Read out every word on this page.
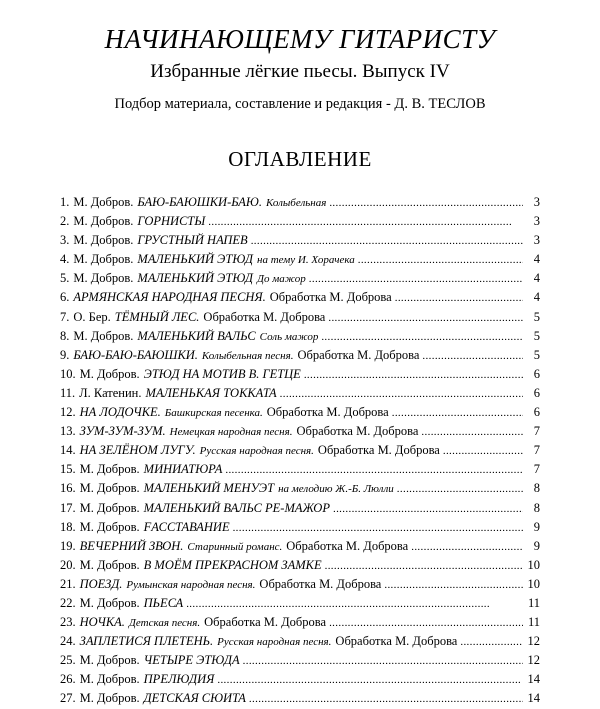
НАЧИНАЮЩЕМУ ГИТАРИСТУ
Избранные лёгкие пьесы. Выпуск IV
Подбор материала, составление и редакция - Д. В. ТЕСЛОВ
ОГЛАВЛЕНИЕ
1. М. Добров. БАЮ-БАЮШКИ-БАЮ. Колыбельная . . .	3
2. М. Добров. ГОРНИСТЫ . . .	3
3. М. Добров. ГРУСТНЫЙ НАПЕВ . . .	3
4. М. Добров. МАЛЕНЬКИЙ ЭТЮД на тему И. Хорачека . . .	4
5. М. Добров. МАЛЕНЬКИЙ ЭТЮД До мажор . . .	4
6. АРМЯНСКАЯ НАРОДНАЯ ПЕСНЯ. Обработка М. Доброва . . .	4
7. О. Бер. ТЁМНЫЙ ЛЕС. Обработка М. Доброва . . .	5
8. М. Добров. МАЛЕНЬКИЙ ВАЛЬС Соль мажор . . .	5
9. БАЮ-БАЮ-БАЮШКИ. Колыбельная песня. Обработка М. Доброва . . .	5
10. М. Добров. ЭТЮД НА МОТИВ В. ГЕТЦЕ . . .	6
11. Л. Катенин. МАЛЕНЬКАЯ ТОККАТА . . .	6
12. НА ЛОДОЧКЕ. Башкирская песенка. Обработка М. Доброва . . .	6
13. ЗУМ-ЗУМ-ЗУМ. Немецкая народная песня. Обработка М. Доброва . . .	7
14. НА ЗЕЛЁНОМ ЛУГУ. Русская народная песня. Обработка М. Доброва . . .	7
15. М. Добров. МИНИАТЮРА . . .	7
16. М. Добров. МАЛЕНЬКИЙ МЕНУЭТ на мелодию Ж.-Б. Люлли . . .	8
17. М. Добров. МАЛЕНЬКИЙ ВАЛЬС РЕ-МАЖОР . . .	8
18. М. Добров. FАССТАВАНИЕ . . .	9
19. ВЕЧЕРНИЙ ЗВОН. Старинный романс. Обработка М. Доброва . . .	9
20. М. Добров. В МОЁМ ПРЕКРАСНОМ ЗАМКЕ . . .	10
21. ПОЕЗД. Румынская народная песня. Обработка М. Доброва . . .	10
22. М. Добров. ПЬЕСА . . .	11
23. НОЧКА. Детская песня. Обработка М. Доброва . . .	11
24. ЗАПЛЕТИСЯ ПЛЕТЕНЬ. Русская народная песня. Обработка М. Доброва . . .	12
25. М. Добров. ЧЕТЫРЕ ЭТЮДА . . .	12
26. М. Добров. ПРЕЛЮДИЯ . . .	14
27. М. Добров. ДЕТСКАЯ СЮИТА . . .	14
